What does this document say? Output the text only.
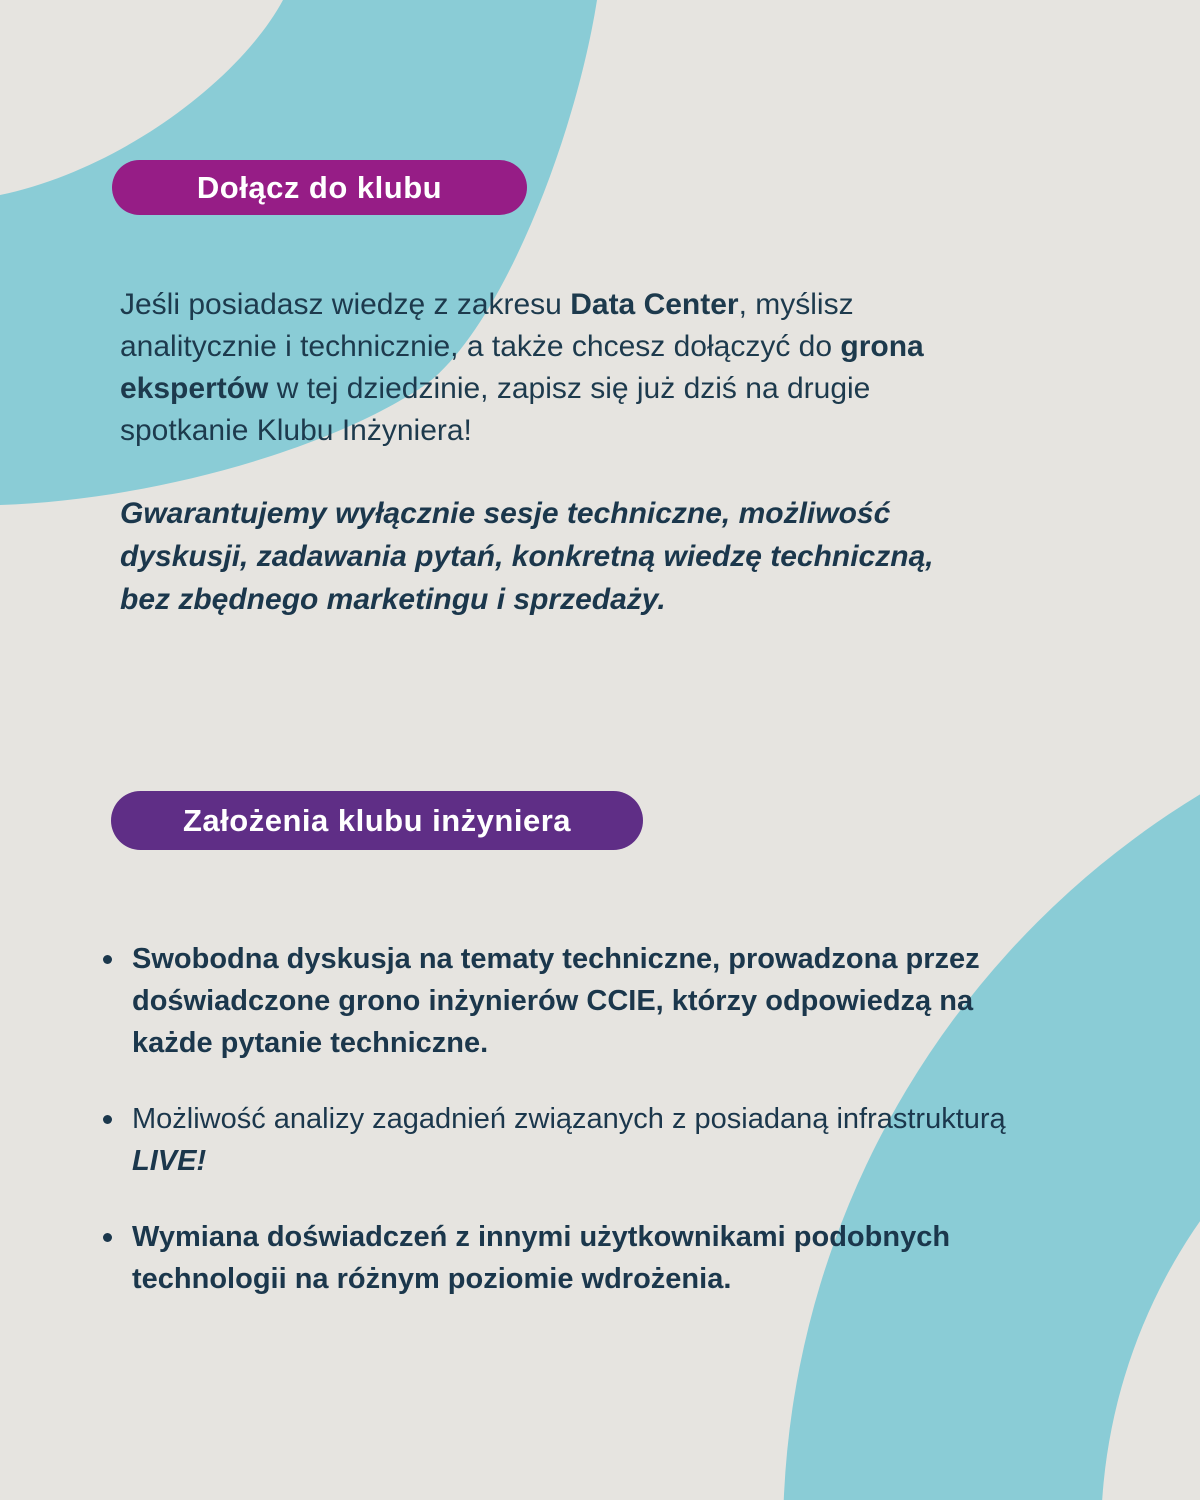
Dołącz do klubu

Jeśli posiadasz wiedzę z zakresu Data Center, myślisz
analitycznie i technicznie, a także chcesz dołączyć do grona
ekspertów w tej dziedzinie, zapisz się już dziś na drugie
spotkanie Klubu Inżyniera!

Gwarantujemy wyłącznie sesje techniczne, możliwość
dyskusji, zadawania pytań, konkretną wiedzę techniczną,
bez zbędnego marketingu i sprzedaży.

Założenia klubu inżyniera
Swobodna dyskusja na tematy techniczne, prowadzona przez
doświadczone grono inżynierów CCIE, którzy odpowiedzą na
każde pytanie techniczne.
Możliwość analizy zagadnień związanych z posiadaną infrastrukturą
LIVE!
Wymiana doświadczeń z innymi użytkownikami podobnych
technologii na różnym poziomie wdrożenia.
